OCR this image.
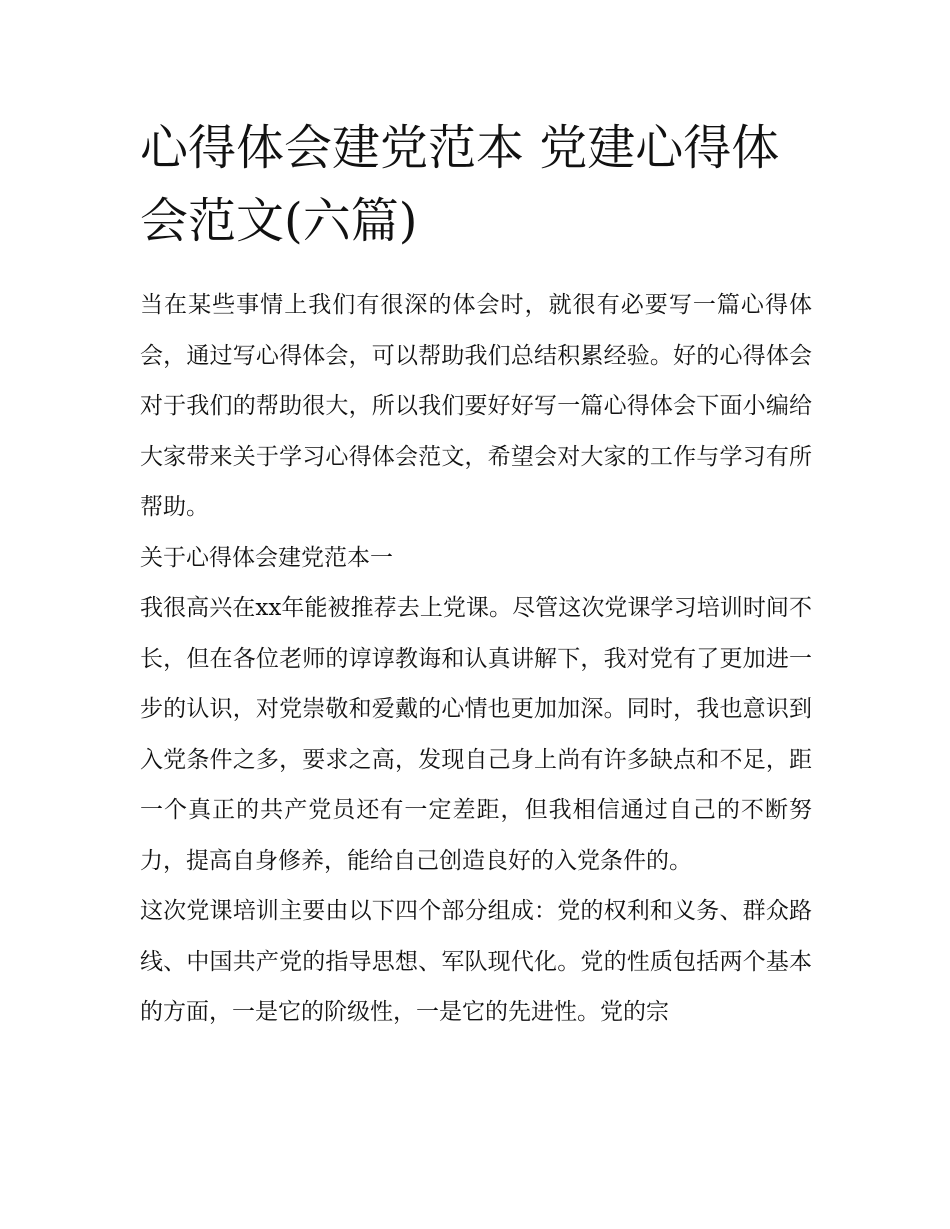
心得体会建党范本 党建心得体会范文(六篇)

当在某些事情上我们有很深的体会时，就很有必要写一篇心得体会，通过写心得体会，可以帮助我们总结积累经验。好的心得体会对于我们的帮助很大，所以我们要好好写一篇心得体会下面小编给大家带来关于学习心得体会范文，希望会对大家的工作与学习有所帮助。

关于心得体会建党范本一

我很高兴在xx年能被推荐去上党课。尽管这次党课学习培训时间不长，但在各位老师的谆谆教诲和认真讲解下，我对党有了更加进一步的认识，对党崇敬和爱戴的心情也更加加深。同时，我也意识到入党条件之多，要求之高，发现自己身上尚有许多缺点和不足，距一个真正的共产党员还有一定差距，但我相信通过自己的不断努力，提高自身修养，能给自己创造良好的入党条件的。

这次党课培训主要由以下四个部分组成：党的权利和义务、群众路线、中国共产党的指导思想、军队现代化。党的性质包括两个基本的方面，一是它的阶级性，一是它的先进性。党的宗
